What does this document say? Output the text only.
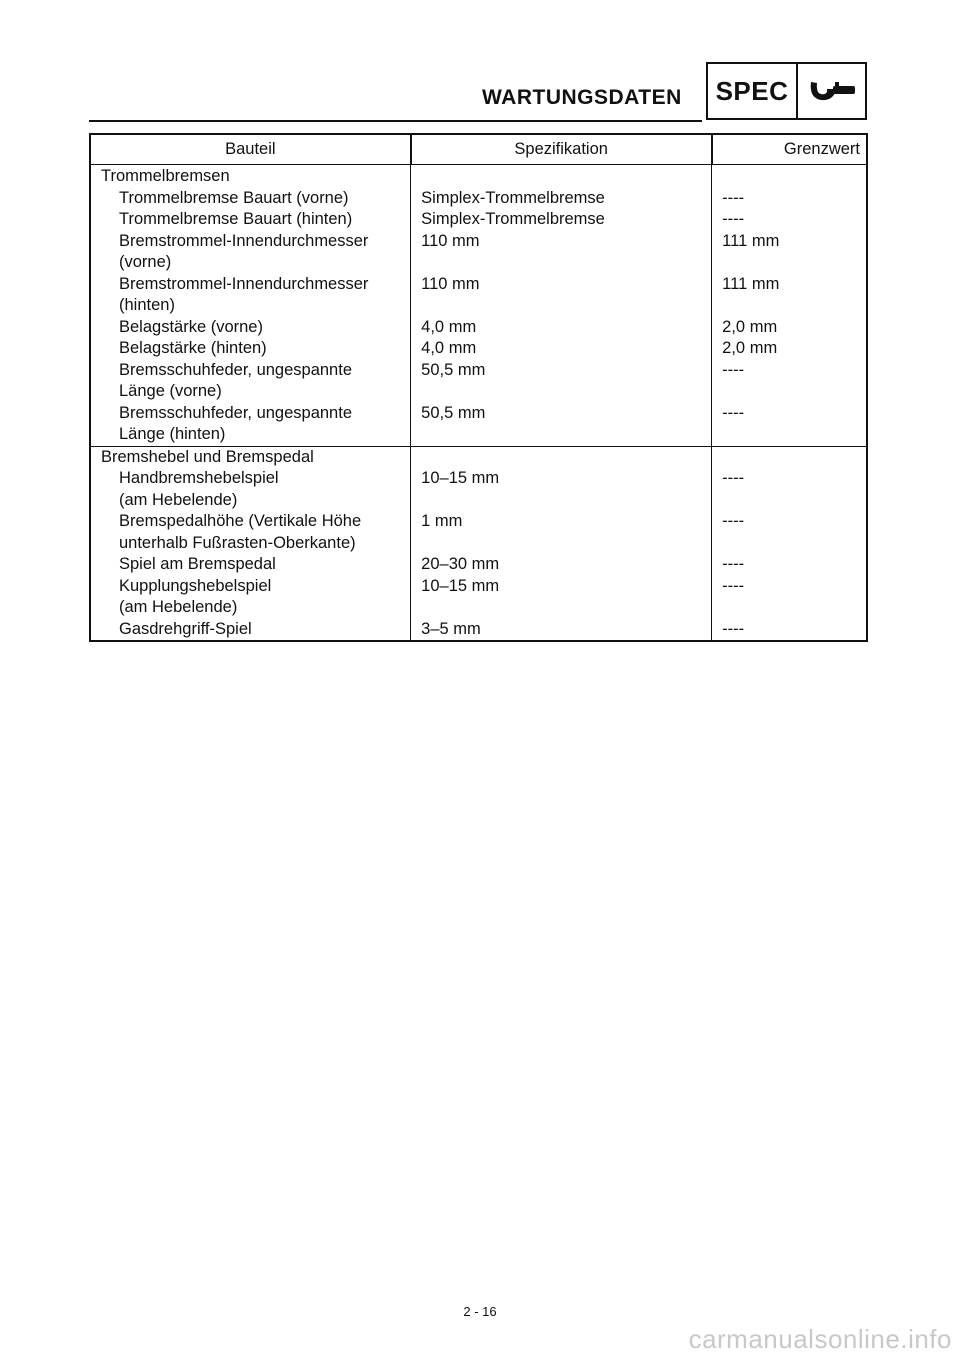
WARTUNGSDATEN SPEC
Bauteil	Spezifikation	Grenzwert
Trommelbremsen		

Trommelbremse Bauart (vorne)	Simplex-Trommelbremse	----

Trommelbremse Bauart (hinten)	Simplex-Trommelbremse	----

Bremstrommel-Innendurchmesser
(vorne)	110 mm	111 mm

Bremstrommel-Innendurchmesser
(hinten)	110 mm	111 mm

Belagstärke (vorne)	4,0 mm	2,0 mm

Belagstärke (hinten)	4,0 mm	2,0 mm

Bremsschuhfeder, ungespannte
Länge (vorne)	50,5 mm	----

Bremsschuhfeder, ungespannte
Länge (hinten)	50,5 mm	----
Bremshebel und Bremspedal		

Handbremshebelspiel
(am Hebelende)	10–15 mm	----

Bremspedalhöhe (Vertikale Höhe
unterhalb Fußrasten-Oberkante)	1 mm	----

Spiel am Bremspedal	20–30 mm	----

Kupplungshebelspiel
(am Hebelende)	10–15 mm	----

Gasdrehgriff-Spiel	3–5 mm	----
2 - 16
carmanualsonline.info
